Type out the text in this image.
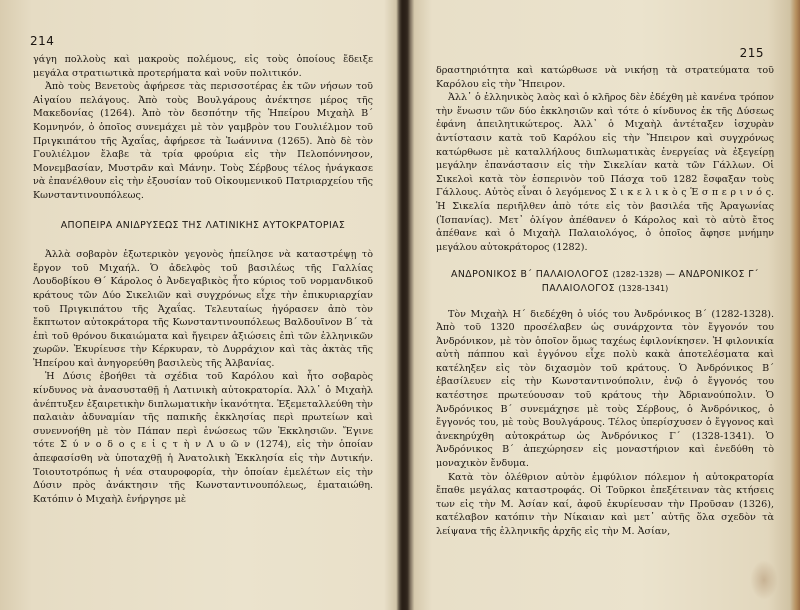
214

γάγη πολλοὺς καὶ μακροὺς πολέμους, εἰς τοὺς ὁποίους ἔδειξε μεγάλα στρατιωτικὰ προτερήματα καὶ νοῦν πολιτικόν.

Ἀπὸ τοὺς Βενετοὺς ἀφήρεσε τὰς περισσοτέρας ἐκ τῶν νήσων τοῦ Αἰγαίου πελάγους. Ἀπὸ τοὺς Βουλγάρους ἀνέκτησε μέρος τῆς Μακεδονίας (1264). Ἀπὸ τὸν δεσπότην τῆς Ἠπείρου Μιχαὴλ Β΄ Κομνηνόν, ὁ ὁποῖος συνεμάχει μὲ τὸν γαμβρὸν του Γουλιέλμον τοῦ Πριγκιπάτου τῆς Ἀχαΐας, ἀφήρεσε τὰ Ἰωάννινα (1265). Ἀπὸ δὲ τὸν Γουλιέλμον ἔλαβε τὰ τρία φρούρια εἰς τὴν Πελοπόννησον, Μονεμβασίαν, Μυστρᾶν καὶ Μάνην. Τοὺς Σέρβους τέλος ἠνάγκασε νὰ ἐπανέλθουν εἰς τὴν ἐξουσίαν τοῦ Οἰκουμενικοῦ Πατριαρχείου τῆς Κωνσταντινουπόλεως.

ΑΠΟΠΕΙΡΑ ΑΝΙΔΡΥΣΕΩΣ ΤΗΣ ΛΑΤΙΝΙΚΗΣ ΑΥΤΟΚΡΑΤΟΡΙΑΣ

Ἀλλὰ σοβαρὸν ἐξωτερικὸν γεγονὸς ἠπείλησε νὰ καταστρέψῃ τὸ ἔργον τοῦ Μιχαήλ. Ὁ ἀδελφὸς τοῦ βασιλέως τῆς Γαλλίας Λουδοβίκου Θ΄ Κάρολος ὁ Ἀνδεγαβικὸς ἦτο κύριος τοῦ νορμανδικοῦ κράτους τῶν Δύο Σικελιῶν καὶ συγχρόνως εἶχε τὴν ἐπικυριαρχίαν τοῦ Πριγκιπάτου τῆς Ἀχαΐας. Τελευταίως ἠγόρασεν ἀπὸ τὸν ἔκπτωτον αὐτοκράτορα τῆς Κωνσταντινουπόλεως Βαλδουῖνον Β΄ τὰ ἐπὶ τοῦ θρόνου δικαιώματα καὶ ἤγειρεν ἀξιώσεις ἐπὶ τῶν ἑλληνικῶν χωρῶν. Ἐκυρίευσε τὴν Κέρκυραν, τὸ Δυρράχιον καὶ τὰς ἀκτὰς τῆς Ἠπείρου καὶ ἀνηγορεύθη βασιλεὺς τῆς Ἀλβανίας.

Ἡ Δύσις ἐβοήθει τὰ σχέδια τοῦ Καρόλου καὶ ἦτο σοβαρὸς κίνδυνος νὰ ἀνασυσταθῇ ἡ Λατινικὴ αὐτοκρατορία. Ἀλλ᾿ ὁ Μιχαὴλ ἀνέπτυξεν ἐξαιρετικὴν διπλωματικὴν ἱκανότητα. Ἐξεμεταλλεύθη τὴν παλαιὰν ἀδυναμίαν τῆς παπικῆς ἐκκλησίας περὶ πρωτείων καὶ συνεννοήθη μὲ τὸν Πάπαν περὶ ἑνώσεως τῶν Ἐκκλησιῶν. Ἔγινε τότε Σ ύ ν ο δ ο ς ε ἰ ς τ ὴ ν Λ υ ῶ ν (1274), εἰς τὴν ὁποίαν ἀπεφασίσθη νὰ ὑποταχθῇ ἡ Ἀνατολικὴ Ἐκκλησία εἰς τὴν Δυτικήν. Τοιουτοτρόπως ἡ νέα σταυροφορία, τὴν ὁποίαν ἐμελέτων εἰς τὴν Δύσιν πρὸς ἀνάκτησιν τῆς Κωνσταντινουπόλεως, ἐματαιώθη. Κατόπιν ὁ Μιχαὴλ ἐνήργησε μὲ

215

δραστηριότητα καὶ κατώρθωσε νὰ νικήσῃ τὰ στρατεύματα τοῦ Καρόλου εἰς τὴν Ἤπειρον.

Ἀλλ᾿ ὁ ἑλληνικὸς λαὸς καὶ ὁ κλῆρος δὲν ἐδέχθη μὲ κανένα τρόπον τὴν ἕνωσιν τῶν δύο ἐκκλησιῶν καὶ τότε ὁ κίνδυνος ἐκ τῆς Δύσεως ἐφάνη ἀπειλητικώτερος. Ἀλλ᾿ ὁ Μιχαὴλ ἀντέταξεν ἰσχυρὰν ἀντίστασιν κατὰ τοῦ Καρόλου εἰς τὴν Ἤπειρον καὶ συγχρόνως κατώρθωσε μὲ καταλλήλους διπλωματικὰς ἐνεργείας νὰ ἐξεγείρῃ μεγάλην ἐπανάστασιν εἰς τὴν Σικελίαν κατὰ τῶν Γάλλων. Οἱ Σικελοὶ κατὰ τὸν ἑσπερινὸν τοῦ Πάσχα τοῦ 1282 ἔσφαξαν τοὺς Γάλλους. Αὐτὸς εἶναι ὁ λεγόμενος Σ ι κ ε λ ι κ ὸ ς Ἑ σ π ε ρ ι ν ό ς. Ἡ Σικελία περιῆλθεν ἀπὸ τότε εἰς τὸν βασιλέα τῆς Ἀραγωνίας (Ἰσπανίας). Μετ᾿ ὀλίγον ἀπέθανεν ὁ Κάρολος καὶ τὸ αὐτὸ ἔτος ἀπέθανε καὶ ὁ Μιχαὴλ Παλαιολόγος, ὁ ὁποῖος ἄφησε μνήμην μεγάλου αὐτοκράτορος (1282).

ΑΝΔΡΟΝΙΚΟΣ Β΄ ΠΑΛΑΙΟΛΟΓΟΣ (1282-1328) — ΑΝΔΡΟΝΙΚΟΣ Γ΄
ΠΑΛΑΙΟΛΟΓΟΣ (1328-1341)

Τὸν Μιχαὴλ Η΄ διεδέχθη ὁ υἱός του Ἀνδρόνικος Β΄ (1282-1328). Ἀπὸ τοῦ 1320 προσέλαβεν ὡς συνάρχοντα τὸν ἔγγονόν του Ἀνδρόνικον, μὲ τὸν ὁποῖον ὅμως ταχέως ἐφιλονίκησεν. Ἡ φιλονικία αὐτὴ πάππου καὶ ἐγγόνου εἶχε πολὺ κακὰ ἀποτελέσματα καὶ κατέληξεν εἰς τὸν διχασμὸν τοῦ κράτους. Ὁ Ἀνδρόνικος Β΄ ἐβασίλευεν εἰς τὴν Κωνσταντινούπολιν, ἐνῷ ὁ ἔγγονός του κατέστησε πρωτεύουσαν τοῦ κράτους τὴν Ἀδριανούπολιν. Ὁ Ἀνδρόνικος Β΄ συνεμάχησε μὲ τοὺς Σέρβους, ὁ Ἀνδρόνικος, ὁ ἔγγονός του, μὲ τοὺς Βουλγάρους. Τέλος ὑπερίσχυσεν ὁ ἔγγονος καὶ ἀνεκηρύχθη αὐτοκράτωρ ὡς Ἀνδρόνικος Γ΄ (1328-1341). Ὁ Ἀνδρόνικος Β΄ ἀπεχώρησεν εἰς μοναστήριον καὶ ἐνεδύθη τὸ μοναχικὸν ἔνδυμα.

Κατὰ τὸν ὀλέθριον αὐτὸν ἐμφύλιον πόλεμον ἡ αὐτοκρατορία ἔπαθε μεγάλας καταστροφάς. Οἱ Τοῦρκοι ἐπεξέτειναν τὰς κτήσεις των εἰς τὴν Μ. Ἀσίαν καί, ἀφοῦ ἐκυρίευσαν τὴν Προῦσαν (1326), κατέλαβον κατόπιν τὴν Νίκαιαν καὶ μετ᾿ αὐτῆς ὅλα σχεδὸν τὰ λείψανα τῆς ἑλληνικῆς ἀρχῆς εἰς τὴν Μ. Ἀσίαν,
